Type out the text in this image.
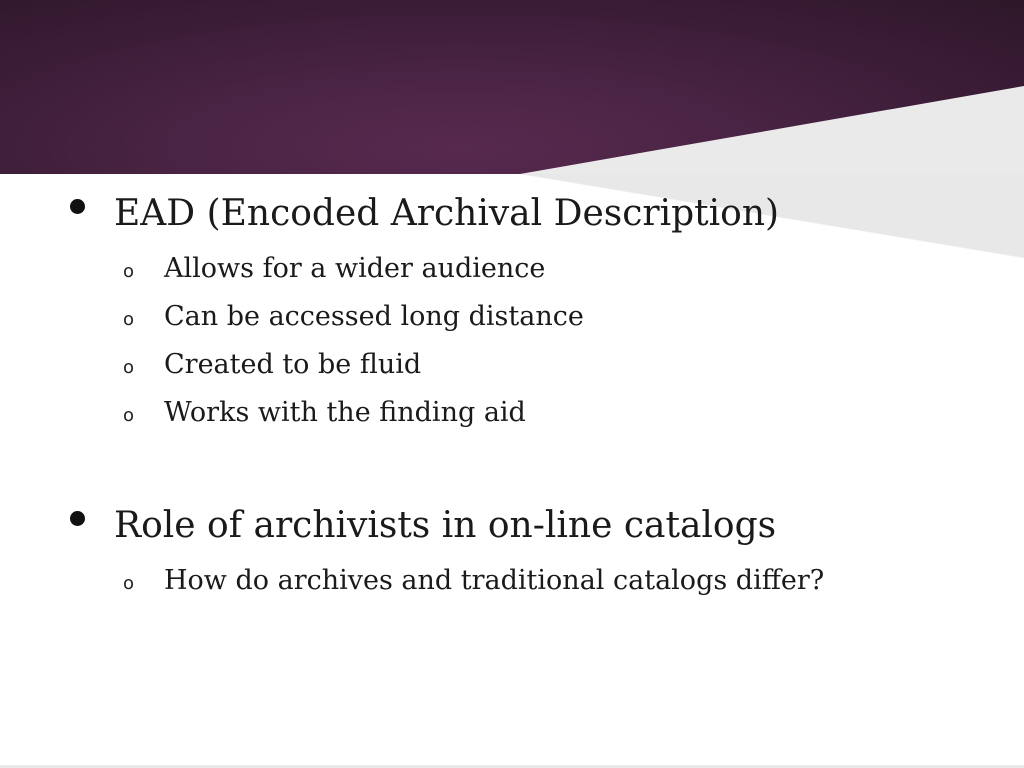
EAD (Encoded Archival Description)
o Allows for a wider audience
o Can be accessed long distance
o Created to be fluid
o Works with the finding aid
Role of archivists in on-line catalogs
o How do archives and traditional catalogs differ?
